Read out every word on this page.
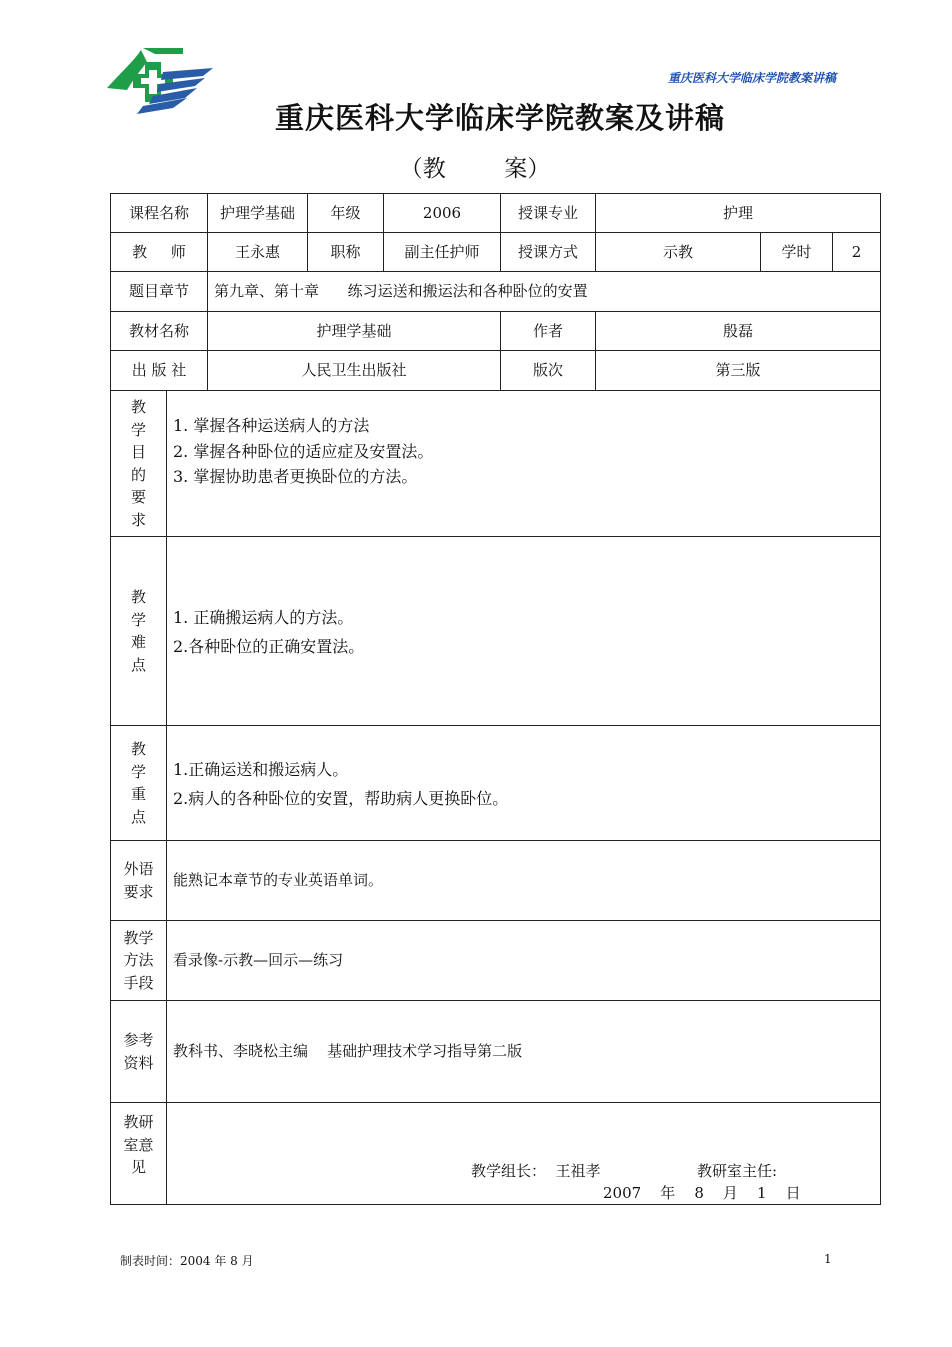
重庆医科大学临床学院教案讲稿
重庆医科大学临床学院教案及讲稿
（教        案）
课程名称		护理学基础	年级	2006	授课专业	护理		
教     师		王永惠	职称	副主任护师	授课方式	示教	学时	2
题目章节		第九章、第十章      练习运送和搬运法和各种卧位的安置						
教材名称		护理学基础			作者	殷磊		
出 版 社		人民卫生出版社			版次	第三版		
教学目的要求	1. 掌握各种运送病人的方法
2. 掌握各种卧位的适应症及安置法。
3. 掌握协助患者更换卧位的方法。							

教学难点	1. 正确搬运病人的方法。
2.各种卧位的正确安置法。							

教学重点	1.正确运送和搬运病人。
2.病人的各种卧位的安置，帮助病人更换卧位。							

外语要求	能熟记本章节的专业英语单词。							
教学方法手段	看录像-示教—回示—练习							
参考资料	教科书、李晓松主编    基础护理技术学习指导第二版							
教研室意见	教学组长：  王祖孝 教研室主任:
2007    年    8    月    1    日							
制表时间：2004 年 8 月	1
